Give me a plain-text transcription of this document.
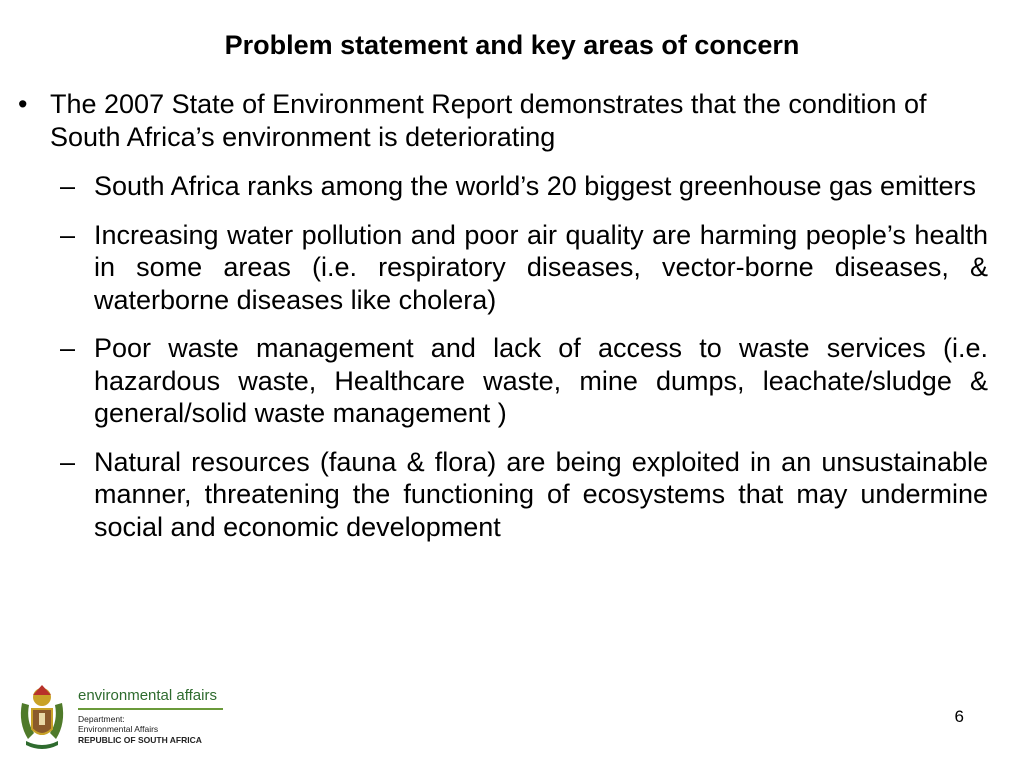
Problem statement and key areas of concern
• The 2007 State of Environment Report demonstrates that the condition of South Africa’s environment is deteriorating
– South Africa ranks among the world’s 20 biggest greenhouse gas emitters
– Increasing water pollution and poor air quality are harming people’s health in some areas (i.e. respiratory diseases, vector-borne diseases, & waterborne diseases like cholera)
– Poor waste management and lack of access to waste services (i.e. hazardous waste, Healthcare waste, mine dumps, leachate/sludge & general/solid waste management )
– Natural resources (fauna & flora) are being exploited in an unsustainable manner, threatening the functioning of ecosystems that may undermine social and economic development
environmental affairs
Department:
Environmental Affairs
REPUBLIC OF SOUTH AFRICA
6
